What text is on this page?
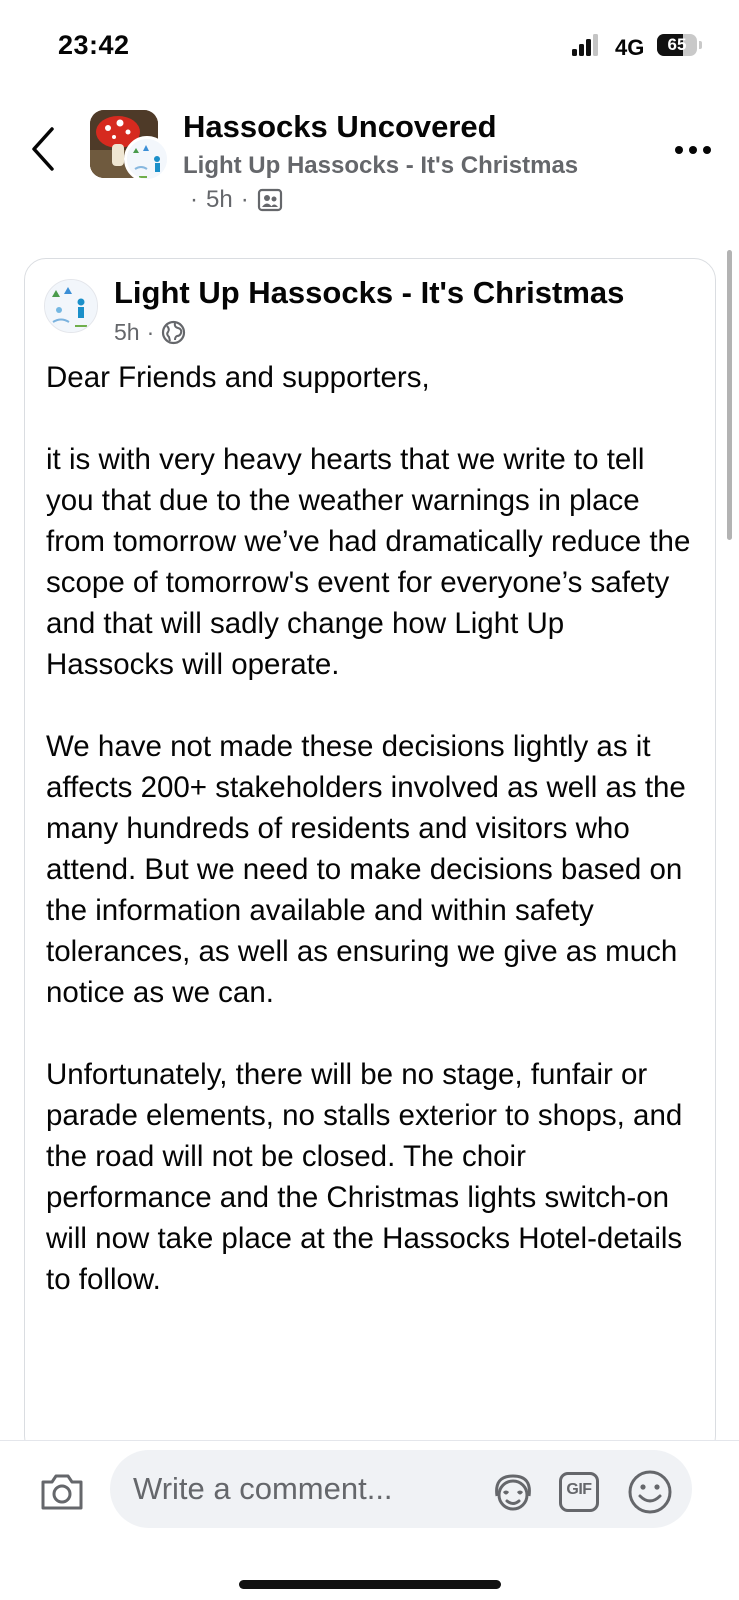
23:42	4G	65
Hassocks Uncovered
Light Up Hassocks - It's Christmas
· 5h ·
Light Up Hassocks - It's Christmas
5h ·

Dear Friends and supporters,

it is with very heavy hearts that we write to tell you that due to the weather warnings in place from tomorrow we’ve had dramatically reduce the scope of tomorrow's event for everyone’s safety and that will sadly change how Light Up Hassocks will operate.

We have not made these decisions lightly as it affects 200+ stakeholders involved as well as the many hundreds of residents and visitors who attend. But we need to make decisions based on the information available and within safety tolerances, as well as ensuring we give as much notice as we can.

Unfortunately, there will be no stage, funfair or parade elements, no stalls exterior to shops, and the road will not be closed. The choir performance and the Christmas lights switch-on will now take place at the Hassocks Hotel-details to follow.

Write a comment...
GIF
